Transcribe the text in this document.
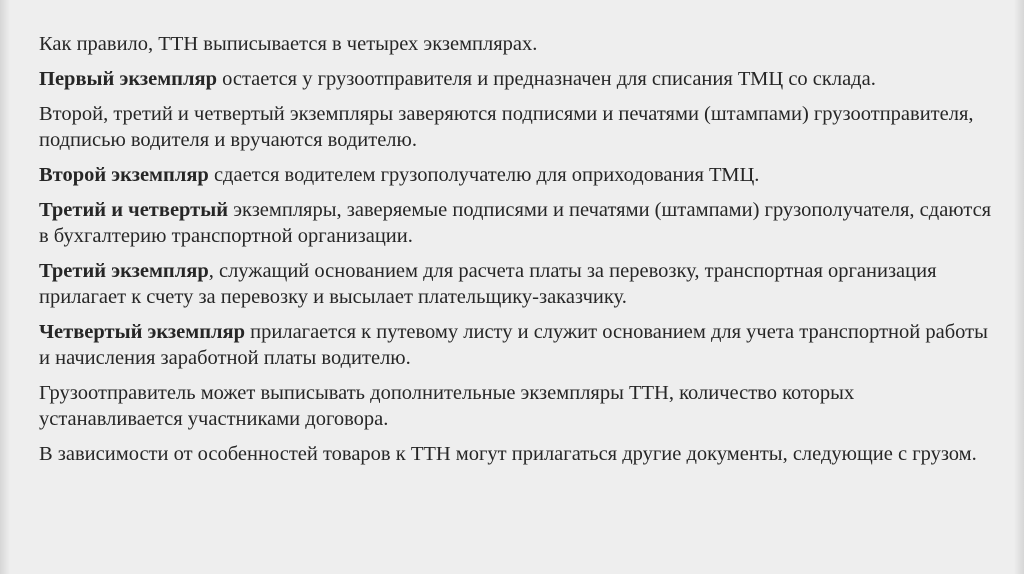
Как правило, ТТН выписывается в четырех экземплярах.

Первый экземпляр остается у грузоотправителя и предназначен для списания ТМЦ со склада.

Второй, третий и четвертый экземпляры заверяются подписями и печатями (штампами) грузоотправителя, подписью водителя и вручаются водителю.

Второй экземпляр сдается водителем грузополучателю для оприходования ТМЦ.

Третий и четвертый экземпляры, заверяемые подписями и печатями (штампами) грузополучателя, сдаются в бухгалтерию транспортной организации.

Третий экземпляр, служащий основанием для расчета платы за перевозку, транспортная организация прилагает к счету за перевозку и высылает плательщику-заказчику.

Четвертый экземпляр прилагается к путевому листу и служит основанием для учета транспортной работы и начисления заработной платы водителю.

Грузоотправитель может выписывать дополнительные экземпляры ТТН, количество которых устанавливается участниками договора.

В зависимости от особенностей товаров к ТТН могут прилагаться другие документы, следующие с грузом.
